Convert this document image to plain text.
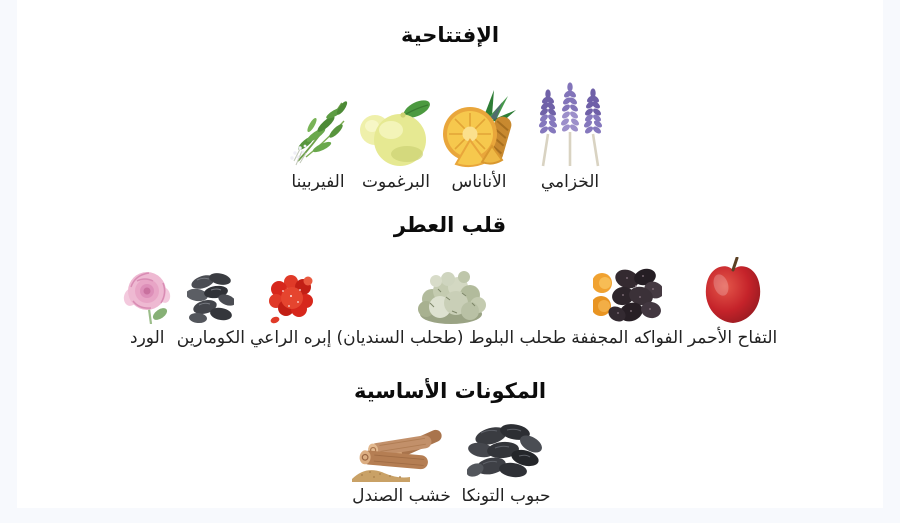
الإفتتاحية
الخزامي
الأناناس
البرغموت
الفيربينا
قلب العطر
التفاح الأحمر
الفواكه المجففة
طحلب البلوط (طحلب السنديان)
إبره الراعي
الكومارين
الورد
المكونات الأساسية
حبوب التونكا
خشب الصندل
